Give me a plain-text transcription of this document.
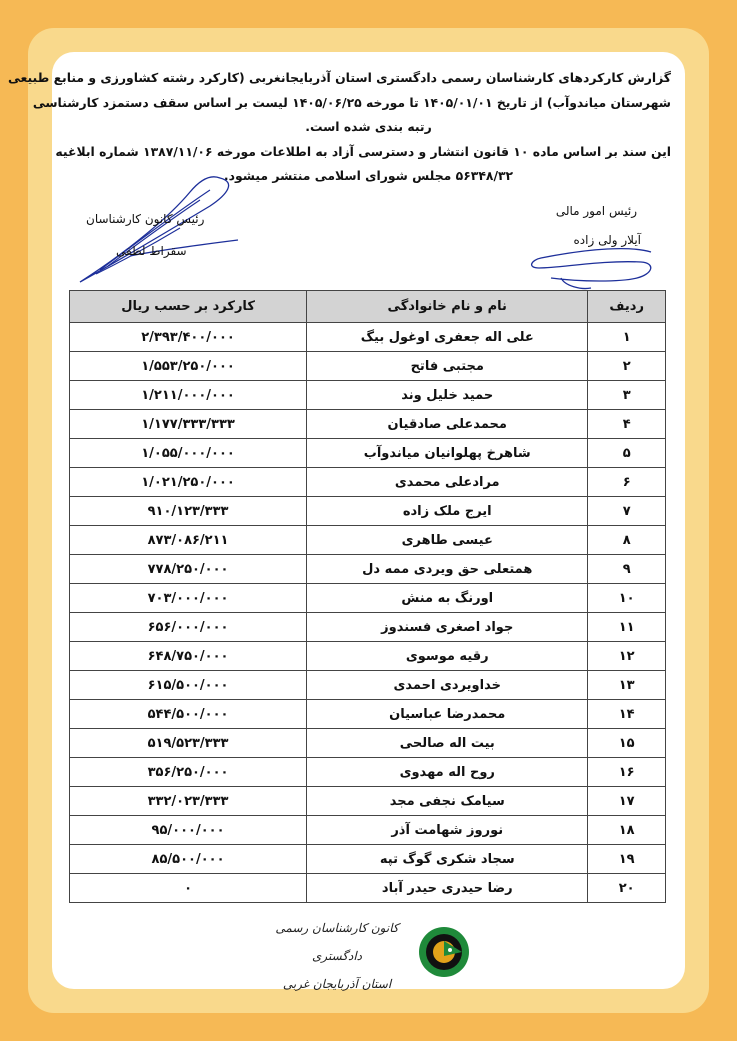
گزارش کارکردهای کارشناسان رسمی دادگستری استان آذربایجانغربی (کارکرد رشته کشاورزی و منابع طبیعی
شهرستان میاندوآب) از تاریخ ۱۴۰۵/۰۱/۰۱ تا مورخه ۱۴۰۵/۰۶/۲۵ لیست بر اساس سقف دستمزد کارشناسی
رتبه بندی شده است.
این سند بر اساس ماده ۱۰ قانون انتشار و دسترسی آزاد به اطلاعات مورخه ۱۳۸۷/۱۱/۰۶ شماره ابلاغیه
۵۶۳۴۸/۳۲ مجلس شورای اسلامی منتشر میشود.
رئیس امور مالی
آیلار ولی زاده
رئیس کانون کارشناسان
سقراط لطفی
ردیف	نام و نام خانوادگی	کارکرد بر حسب ریال
۱	علی اله جعفری اوغول بیگ	۲/۳۹۳/۴۰۰/۰۰۰
۲	مجتبی فاتح	۱/۵۵۳/۲۵۰/۰۰۰
۳	حمید خلیل وند	۱/۲۱۱/۰۰۰/۰۰۰
۴	محمدعلی صادقیان	۱/۱۷۷/۳۳۳/۳۳۳
۵	شاهرخ پهلوانیان میاندوآب	۱/۰۵۵/۰۰۰/۰۰۰
۶	مرادعلی محمدی	۱/۰۲۱/۲۵۰/۰۰۰
۷	ایرج ملک زاده	۹۱۰/۱۲۳/۳۳۳
۸	عیسی طاهری	۸۷۳/۰۸۶/۲۱۱
۹	همتعلی حق ویردی ممه دل	۷۷۸/۲۵۰/۰۰۰
۱۰	اورنگ به منش	۷۰۳/۰۰۰/۰۰۰
۱۱	جواد اصغری فسندوز	۶۵۶/۰۰۰/۰۰۰
۱۲	رقیه موسوی	۶۴۸/۷۵۰/۰۰۰
۱۳	خداویردی احمدی	۶۱۵/۵۰۰/۰۰۰
۱۴	محمدرضا عباسیان	۵۴۴/۵۰۰/۰۰۰
۱۵	بیت اله صالحی	۵۱۹/۵۲۳/۳۳۳
۱۶	روح اله مهدوی	۳۵۶/۲۵۰/۰۰۰
۱۷	سیامک نجفی مجد	۳۳۲/۰۲۳/۳۳۳
۱۸	نوروز شهامت آذر	۹۵/۰۰۰/۰۰۰
۱۹	سجاد شکری گوگ تپه	۸۵/۵۰۰/۰۰۰
۲۰	رضا حیدری حیدر آباد	۰
کانون کارشناسان رسمی دادگستری
استان آذربایجان غربی
